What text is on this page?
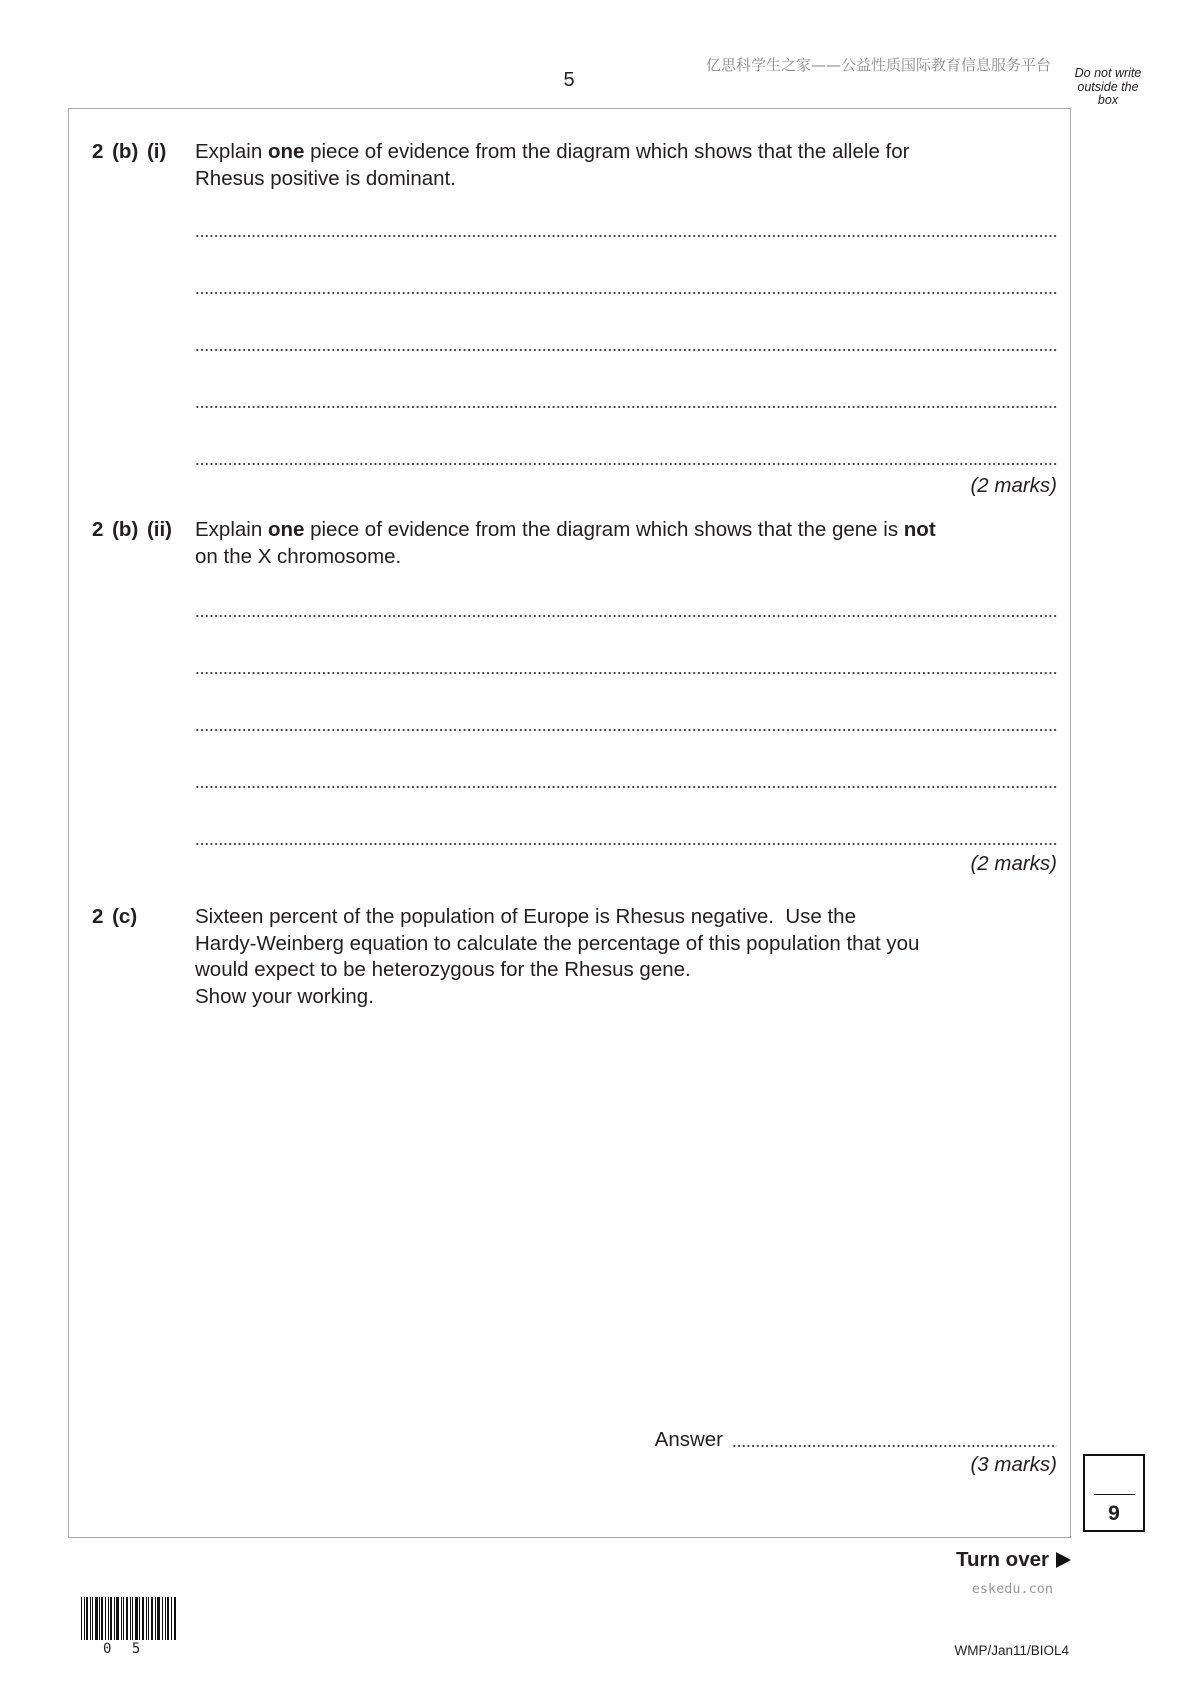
5
亿思科学生之家——公益性质国际教育信息服务平台	Do not write
outside the
box
2 (b) (i) Explain one piece of evidence from the diagram which shows that the allele for
Rhesus positive is dominant.
(2 marks)
2 (b) (ii) Explain one piece of evidence from the diagram which shows that the gene is not
on the X chromosome.
(2 marks)
2 (c)	Sixteen percent of the population of Europe is Rhesus negative.  Use the
Hardy-Weinberg equation to calculate the percentage of this population that you
would expect to be heterozygous for the Rhesus gene.
Show your working.
Answer
(3 marks)
9
Turn over
eskedu.con
0 5	WMP/Jan11/BIOL4
